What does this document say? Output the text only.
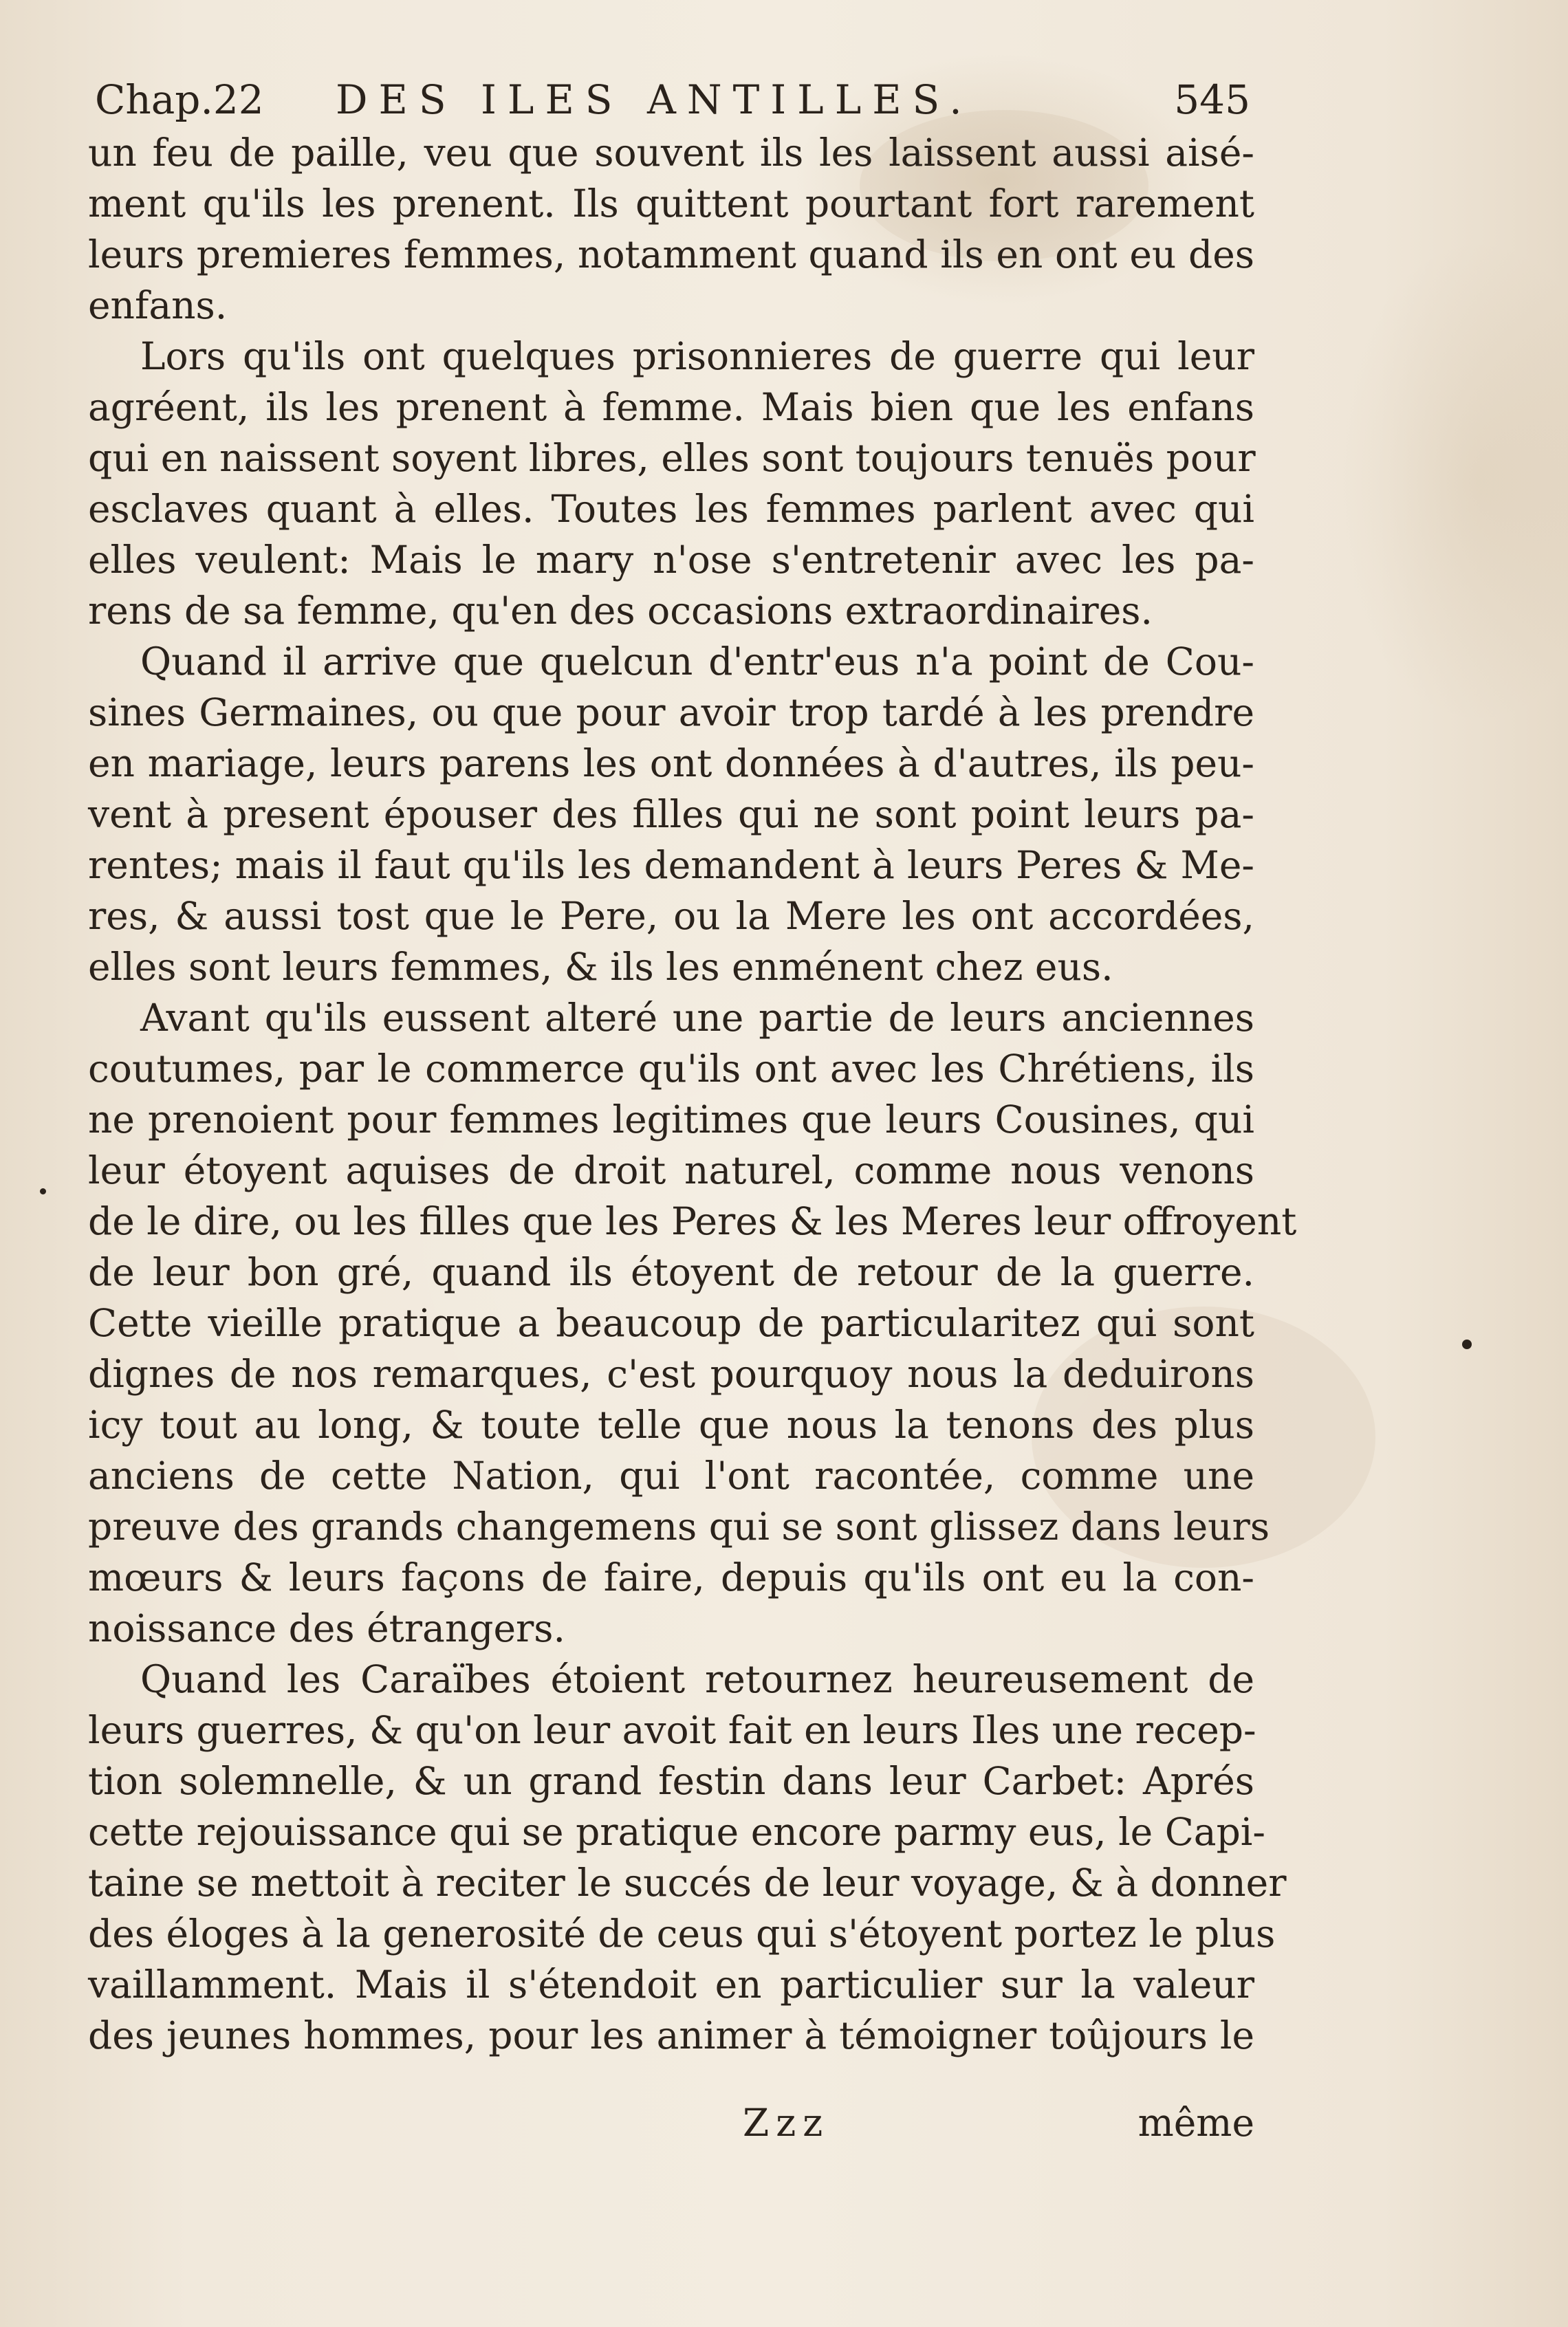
Chap.22 DES ILES ANTILLES.	545
un feu de paille, veu que souvent ils les laissent aussi aisé-
ment qu'ils les prenent. Ils quittent pourtant fort rarement
leurs premieres femmes, notamment quand ils en ont eu des
enfans.
Lors qu'ils ont quelques prisonnieres de guerre qui leur
agréent, ils les prenent à femme. Mais bien que les enfans
qui en naissent soyent libres, elles sont toujours tenuës pour
esclaves quant à elles. Toutes les femmes parlent avec qui
elles veulent: Mais le mary n'ose s'entretenir avec les pa-
rens de sa femme, qu'en des occasions extraordinaires.
Quand il arrive que quelcun d'entr'eus n'a point de Cou-
sines Germaines, ou que pour avoir trop tardé à les prendre
en mariage, leurs parens les ont données à d'autres, ils peu-
vent à present épouser des filles qui ne sont point leurs pa-
rentes; mais il faut qu'ils les demandent à leurs Peres & Me-
res, & aussi tost que le Pere, ou la Mere les ont accordées,
elles sont leurs femmes, & ils les enménent chez eus.
Avant qu'ils eussent alteré une partie de leurs anciennes
coutumes, par le commerce qu'ils ont avec les Chrétiens, ils
ne prenoient pour femmes legitimes que leurs Cousines, qui
leur étoyent aquises de droit naturel, comme nous venons
de le dire, ou les filles que les Peres & les Meres leur offroyent
de leur bon gré, quand ils étoyent de retour de la guerre.
Cette vieille pratique a beaucoup de particularitez qui sont
dignes de nos remarques, c'est pourquoy nous la deduirons
icy tout au long, & toute telle que nous la tenons des plus
anciens de cette Nation, qui l'ont racontée, comme une
preuve des grands changemens qui se sont glissez dans leurs
mœurs & leurs façons de faire, depuis qu'ils ont eu la con-
noissance des étrangers.
Quand les Caraïbes étoient retournez heureusement de
leurs guerres, & qu'on leur avoit fait en leurs Iles une recep-
tion solemnelle, & un grand festin dans leur Carbet: Aprés
cette rejouissance qui se pratique encore parmy eus, le Capi-
taine se mettoit à reciter le succés de leur voyage, & à donner
des éloges à la generosité de ceus qui s'étoyent portez le plus
vaillamment. Mais il s'étendoit en particulier sur la valeur
des jeunes hommes, pour les animer à témoigner toûjours le
Zzz	même
